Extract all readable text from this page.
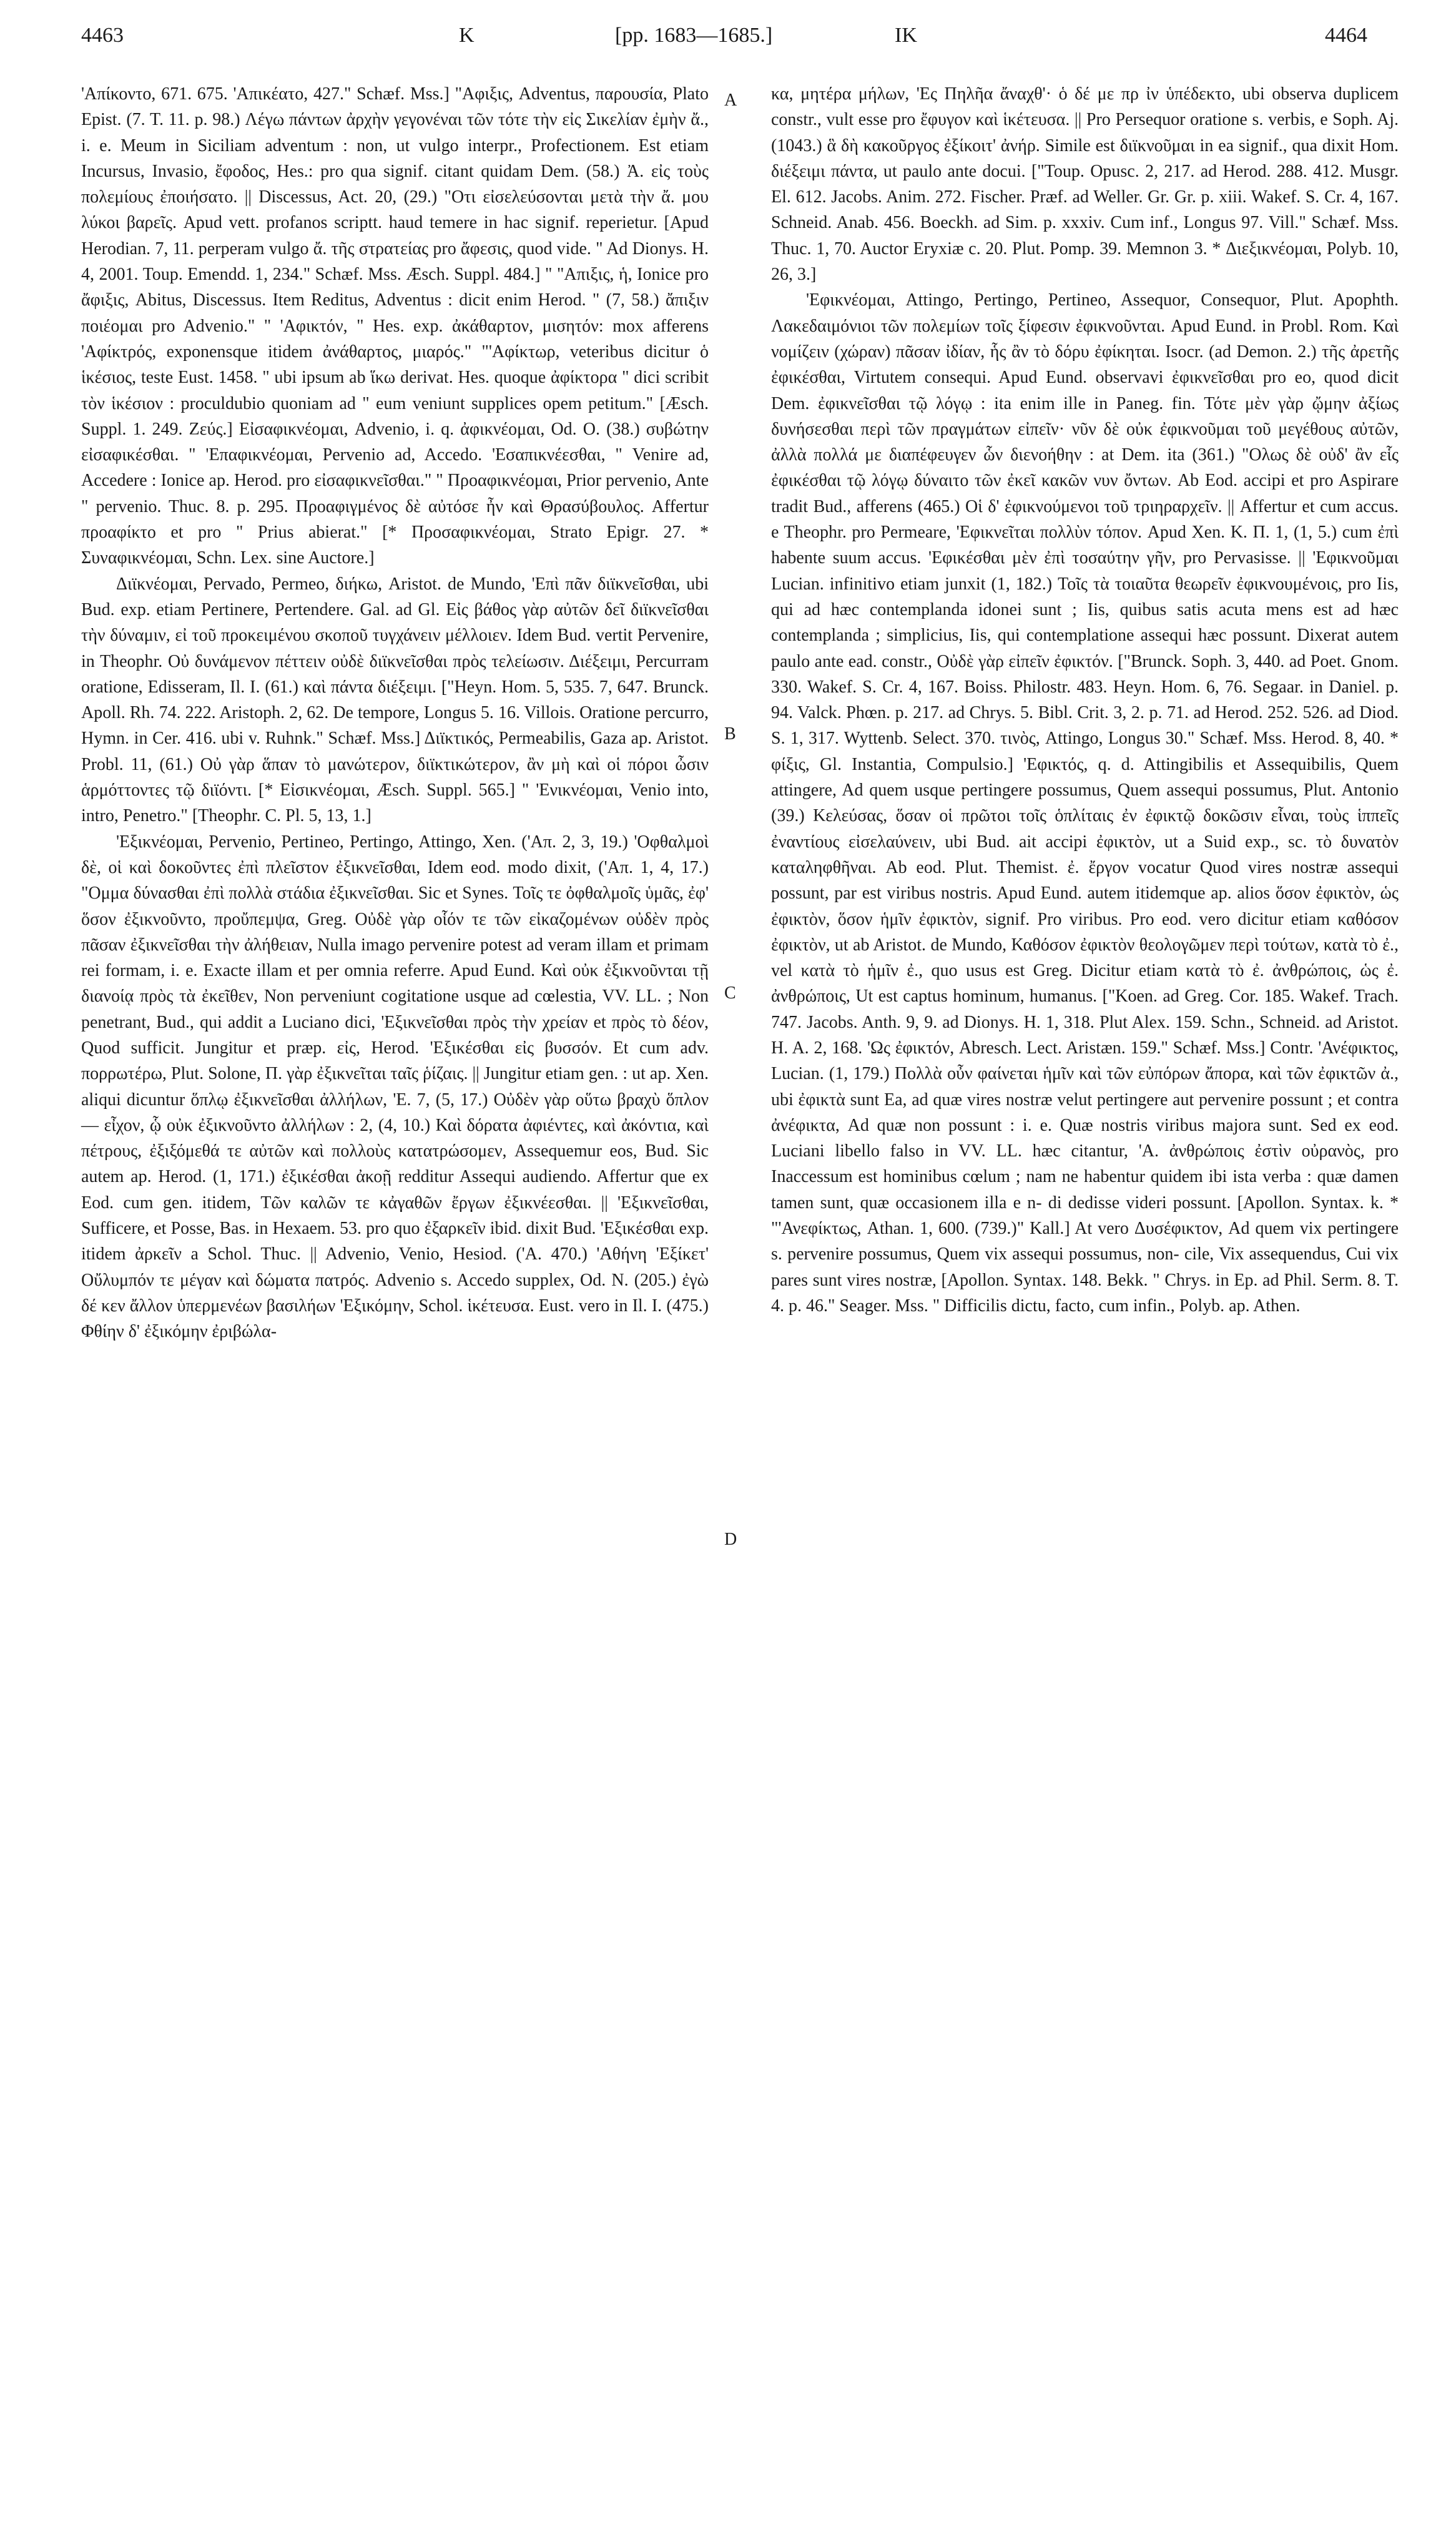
4463	K	[pp. 1683—1685.]	IK	4464

'Απίκοντο, 671. 675. 'Απικέατο, 427." Schæf. Mss.] "Αφιξις, Adventus, παρουσία, Plato Epist. (7. T. 11. p. 98.) Λέγω πάντων ἀρχὴν γεγονέναι τῶν τότε τὴν εἰς Σικελίαν ἐμὴν ἄ., i. e. Meum in Siciliam adventum : non, ut vulgo interpr., Profectionem. Est etiam Incursus, Invasio, ἔφοδος, Hes.: pro qua signif. citant quidam Dem. (58.) Ἀ. εἰς τοὺς πολεμίους ἐποιήσατο. || Discessus, Act. 20, (29.) "Οτι εἰσελεύσονται μετὰ τὴν ἄ. μου λύκοι βαρεῖς. Apud vett. profanos scriptt. haud temere in hac signif. reperietur. [Apud Herodian. 7, 11. perperam vulgo ἄ. τῆς στρατείας pro ἄφεσις, quod vide. " Ad Dionys. H. 4, 2001. Toup. Emendd. 1, 234." Schæf. Mss. Æsch. Suppl. 484.] " "Απιξις, ἡ, Ionice pro ἄφιξις, Abitus, Discessus. Item Reditus, Adventus : dicit enim Herod. " (7, 58.) ἄπιξιν ποιέομαι pro Advenio." " 'Αφικτόν, " Hes. exp. ἀκάθαρτον, μισητόν: mox afferens 'Αφίκτρός, exponensque itidem ἀνάθαρτος, μιαρός." "'Αφίκτωρ, veteribus dicitur ὁ ἱκέσιος, teste Eust. 1458. " ubi ipsum ab ἵκω derivat. Hes. quoque ἀφίκτορα " dici scribit τὸν ἱκέσιον : proculdubio quoniam ad " eum veniunt supplices opem petitum." [Æsch. Suppl. 1. 249. Ζεύς.] Εἰσαφικνέομαι, Advenio, i. q. ἀφικνέομαι, Od. O. (38.) συβώτην εἰσαφικέσθαι. " 'Επαφικνέομαι, Pervenio ad, Accedo. 'Εσαπικνέεσθαι, " Venire ad, Accedere : Ionice ap. Herod. pro εἰσαφικνεῖσθαι." " Προαφικνέομαι, Prior pervenio, Ante " pervenio. Thuc. 8. p. 295. Προαφιγμένος δὲ αὐτόσε ἦν καὶ Θρασύβουλος. Affertur προαφίκτο et pro " Prius abierat." [* Προσαφικνέομαι, Strato Epigr. 27. * Συναφικνέομαι, Schn. Lex. sine Auctore.]

Διϊκνέομαι, Pervado, Permeo, διήκω, Aristot. de Mundo, 'Επὶ πᾶν διϊκνεῖσθαι, ubi Bud. exp. etiam Pertinere, Pertendere. Gal. ad Gl. Εἰς βάθος γὰρ αὐτῶν δεῖ διϊκνεῖσθαι τὴν δύναμιν, εἰ τοῦ προκειμένου σκοποῦ τυγχάνειν μέλλοιεν. Idem Bud. vertit Pervenire, in Theophr. Οὐ δυνάμενον πέττειν οὐδὲ διϊκνεῖσθαι πρὸς τελείωσιν. Διέξειμι, Percurram oratione, Edisseram, Il. I. (61.) καὶ πάντα διέξειμι. ["Heyn. Hom. 5, 535. 7, 647. Brunck. Apoll. Rh. 74. 222. Aristoph. 2, 62. De tempore, Longus 5. 16. Villois. Oratione percurro, Hymn. in Cer. 416. ubi v. Ruhnk." Schæf. Mss.] Διϊκτικός, Permeabilis, Gaza ap. Aristot. Probl. 11, (61.) Οὐ γὰρ ἅπαν τὸ μανώτερον, διϊκτικώτερον, ἂν μὴ καὶ οἱ πόροι ὦσιν ἁρμόττοντες τῷ διϊόντι. [* Εἰσικνέομαι, Æsch. Suppl. 565.] " 'Ενικνέομαι, Venio into, intro, Penetro." [Theophr. C. Pl. 5, 13, 1.]

'Εξικνέομαι, Pervenio, Pertineo, Pertingo, Attingo, Xen. ('Απ. 2, 3, 19.) 'Οφθαλμοὶ δὲ, οἱ καὶ δοκοῦντες ἐπὶ πλεῖστον ἐξικνεῖσθαι, Idem eod. modo dixit, ('Απ. 1, 4, 17.) "Ομμα δύνασθαι ἐπὶ πολλὰ στάδια ἐξικνεῖσθαι. Sic et Synes. Τοῖς τε ὀφθαλμοῖς ὑμᾶς, ἐφ' ὅσον ἐξικνοῦντο, προὔπεμψα, Greg. Οὐδὲ γὰρ οἷόν τε τῶν εἰκαζομένων οὐδὲν πρὸς πᾶσαν ἐξικνεῖσθαι τὴν ἀλήθειαν, Nulla imago pervenire potest ad veram illam et primam rei formam, i. e. Exacte illam et per omnia referre. Apud Eund. Καὶ οὐκ ἐξικνοῦνται τῇ διανοίᾳ πρὸς τὰ ἐκεῖθεν, Non perveniunt cogitatione usque ad cœlestia, VV. LL. ; Non penetrant, Bud., qui addit a Luciano dici, 'Εξικνεῖσθαι πρὸς τὴν χρείαν et πρὸς τὸ δέον, Quod sufficit. Jungitur et præp. εἰς, Herod. 'Εξικέσθαι εἰς βυσσόν. Et cum adv. πορρωτέρω, Plut. Solone, Π. γὰρ ἐξικνεῖται ταῖς ῥίζαις. || Jungitur etiam gen. : ut ap. Xen. aliqui dicuntur ὅπλῳ ἐξικνεῖσθαι ἀλλήλων, 'Ε. 7, (5, 17.) Οὐδὲν γὰρ οὕτω βραχὺ ὅπλον — εἶχον, ᾧ οὐκ ἐξικνοῦντο ἀλλήλων : 2, (4, 10.) Καὶ δόρατα ἀφιέντες, καὶ ἀκόντια, καὶ πέτρους, ἐξιξόμεθά τε αὐτῶν καὶ πολλοὺς κατατρώσομεν, Assequemur eos, Bud. Sic autem ap. Herod. (1, 171.) ἐξικέσθαι ἀκοῇ redditur Assequi audiendo. Affertur que ex Eod. cum gen. itidem, Τῶν καλῶν τε κἀγαθῶν ἔργων ἐξικνέεσθαι. || 'Εξικνεῖσθαι, Sufficere, et Posse, Bas. in Hexaem. 53. pro quo ἐξαρκεῖν ibid. dixit Bud. 'Εξικέσθαι exp. itidem ἀρκεῖν a Schol. Thuc. || Advenio, Venio, Hesiod. ('Α. 470.) 'Αθήνη 'Εξίκετ' Οὔλυμπόν τε μέγαν καὶ δώματα πατρός. Advenio s. Accedo supplex, Od. N. (205.) ἐγὼ δέ κεν ἄλλον ὑπερμενέων βασιλήων 'Εξικόμην, Schol. ἱκέτευσα. Eust. vero in Il. I. (475.) Φθίην δ' ἐξικόμην ἐριβώλα-

A
B
C
D

κα, μητέρα μήλων, 'Ες Πηλῆα ἄναχθ'· ὁ δέ με πρ ἰν ὑπέδεκτο, ubi observa duplicem constr., vult esse pro ἔφυγον καὶ ἱκέτευσα. || Pro Persequor oratione s. verbis, e Soph. Aj. (1043.) ἃ δὴ κακοῦργος ἐξίκοιτ' ἀνήρ. Simile est διϊκνοῦμαι in ea signif., qua dixit Hom. διέξειμι πάντα, ut paulo ante docui. ["Toup. Opusc. 2, 217. ad Herod. 288. 412. Musgr. El. 612. Jacobs. Anim. 272. Fischer. Præf. ad Weller. Gr. Gr. p. xiii. Wakef. S. Cr. 4, 167. Schneid. Anab. 456. Boeckh. ad Sim. p. xxxiv. Cum inf., Longus 97. Vill." Schæf. Mss. Thuc. 1, 70. Auctor Eryxiæ c. 20. Plut. Pomp. 39. Memnon 3. * Διεξικνέομαι, Polyb. 10, 26, 3.]

'Εφικνέομαι, Attingo, Pertingo, Pertineo, Assequor, Consequor, Plut. Apophth. Λακεδαιμόνιοι τῶν πολεμίων τοῖς ξίφεσιν ἐφικνοῦνται. Apud Eund. in Probl. Rom. Καὶ νομίζειν (χώραν) πᾶσαν ἰδίαν, ἧς ἂν τὸ δόρυ ἐφίκηται. Isocr. (ad Demon. 2.) τῆς ἀρετῆς ἐφικέσθαι, Virtutem consequi. Apud Eund. observavi ἐφικνεῖσθαι pro eo, quod dicit Dem. ἐφικνεῖσθαι τῷ λόγῳ : ita enim ille in Paneg. fin. Τότε μὲν γὰρ ᾤμην ἀξίως δυνήσεσθαι περὶ τῶν πραγμάτων εἰπεῖν· νῦν δὲ οὐκ ἐφικνοῦμαι τοῦ μεγέθους αὐτῶν, ἀλλὰ πολλά με διαπέφευγεν ὧν διενοήθην : at Dem. ita (361.) "Ολως δὲ οὐδ' ἂν εἷς ἐφικέσθαι τῷ λόγῳ δύναιτο τῶν ἐκεῖ κακῶν νυν ὄντων. Ab Eod. accipi et pro Aspirare tradit Bud., afferens (465.) Οἱ δ' ἐφικνούμενοι τοῦ τριηραρχεῖν. || Affertur et cum accus. e Theophr. pro Permeare, 'Εφικνεῖται πολλὺν τόπον. Apud Xen. Κ. Π. 1, (1, 5.) cum ἐπὶ habente suum accus. 'Εφικέσθαι μὲν ἐπὶ τοσαύτην γῆν, pro Pervasisse. || 'Εφικνοῦμαι Lucian. infinitivo etiam junxit (1, 182.) Τοῖς τὰ τοιαῦτα θεωρεῖν ἐφικνουμένοις, pro Iis, qui ad hæc contemplanda idonei sunt ; Iis, quibus satis acuta mens est ad hæc contemplanda ; simplicius, Iis, qui contemplatione assequi hæc possunt. Dixerat autem paulo ante ead. constr., Οὐδὲ γὰρ εἰπεῖν ἐφικτόν. ["Brunck. Soph. 3, 440. ad Poet. Gnom. 330. Wakef. S. Cr. 4, 167. Boiss. Philostr. 483. Heyn. Hom. 6, 76. Segaar. in Daniel. p. 94. Valck. Phœn. p. 217. ad Chrys. 5. Bibl. Crit. 3, 2. p. 71. ad Herod. 252. 526. ad Diod. S. 1, 317. Wyttenb. Select. 370. τινὸς, Attingo, Longus 30." Schæf. Mss. Herod. 8, 40. * φίξις, Gl. Instantia, Compulsio.] 'Εφικτός, q. d. Attingibilis et Assequibilis, Quem attingere, Ad quem usque pertingere possumus, Quem assequi possumus, Plut. Antonio (39.) Κελεύσας, ὅσαν οἱ πρῶτοι τοῖς ὁπλίταις ἐν ἐφικτῷ δοκῶσιν εἶναι, τοὺς ἱππεῖς ἐναντίους εἰσελαύνειν, ubi Bud. ait accipi ἐφικτὸν, ut a Suid exp., sc. τὸ δυνατὸν καταληφθῆναι. Ab eod. Plut. Themist. ἐ. ἔργον vocatur Quod vires nostræ assequi possunt, par est viribus nostris. Apud Eund. autem itidemque ap. alios ὅσον ἐφικτὸν, ὡς ἐφικτὸν, ὅσον ἡμῖν ἐφικτὸν, signif. Pro viribus. Pro eod. vero dicitur etiam καθόσον ἐφικτὸν, ut ab Aristot. de Mundo, Καθόσον ἐφικτὸν θεολογῶμεν περὶ τούτων, κατὰ τὸ ἐ., vel κατὰ τὸ ἡμῖν ἐ., quo usus est Greg. Dicitur etiam κατὰ τὸ ἐ. ἀνθρώποις, ὡς ἐ. ἀνθρώποις, Ut est captus hominum, humanus. ["Koen. ad Greg. Cor. 185. Wakef. Trach. 747. Jacobs. Anth. 9, 9. ad Dionys. H. 1, 318. Plut Alex. 159. Schn., Schneid. ad Aristot. H. A. 2, 168. 'Ως ἐφικτόν, Abresch. Lect. Aristæn. 159." Schæf. Mss.] Contr. 'Ανέφικτος, Lucian. (1, 179.) Πολλὰ οὖν φαίνεται ἡμῖν καὶ τῶν εὐπόρων ἄπορα, καὶ τῶν ἐφικτῶν ἀ., ubi ἐφικτὰ sunt Ea, ad quæ vires nostræ velut pertingere aut pervenire possunt ; et contra ἀνέφικτα, Ad quæ non possunt : i. e. Quæ nostris viribus majora sunt. Sed ex eod. Luciani libello falso in VV. LL. hæc citantur, 'Α. ἀνθρώποις ἐστὶν οὐρανὸς, pro Inaccessum est hominibus cœlum ; nam ne habentur quidem ibi ista verba : quæ damen tamen sunt, quæ occasionem illa e n- di dedisse videri possunt. [Apollon. Syntax. k. * "'Ανεφίκτως, Athan. 1, 600. (739.)" Kall.] At vero Δυσέφικτον, Ad quem vix pertingere s. pervenire possumus, Quem vix assequi possumus, non- cile, Vix assequendus, Cui vix pares sunt vires nostræ, [Apollon. Syntax. 148. Bekk. " Chrys. in Ep. ad Phil. Serm. 8. T. 4. p. 46." Seager. Mss. " Difficilis dictu, facto, cum infin., Polyb. ap. Athen.
